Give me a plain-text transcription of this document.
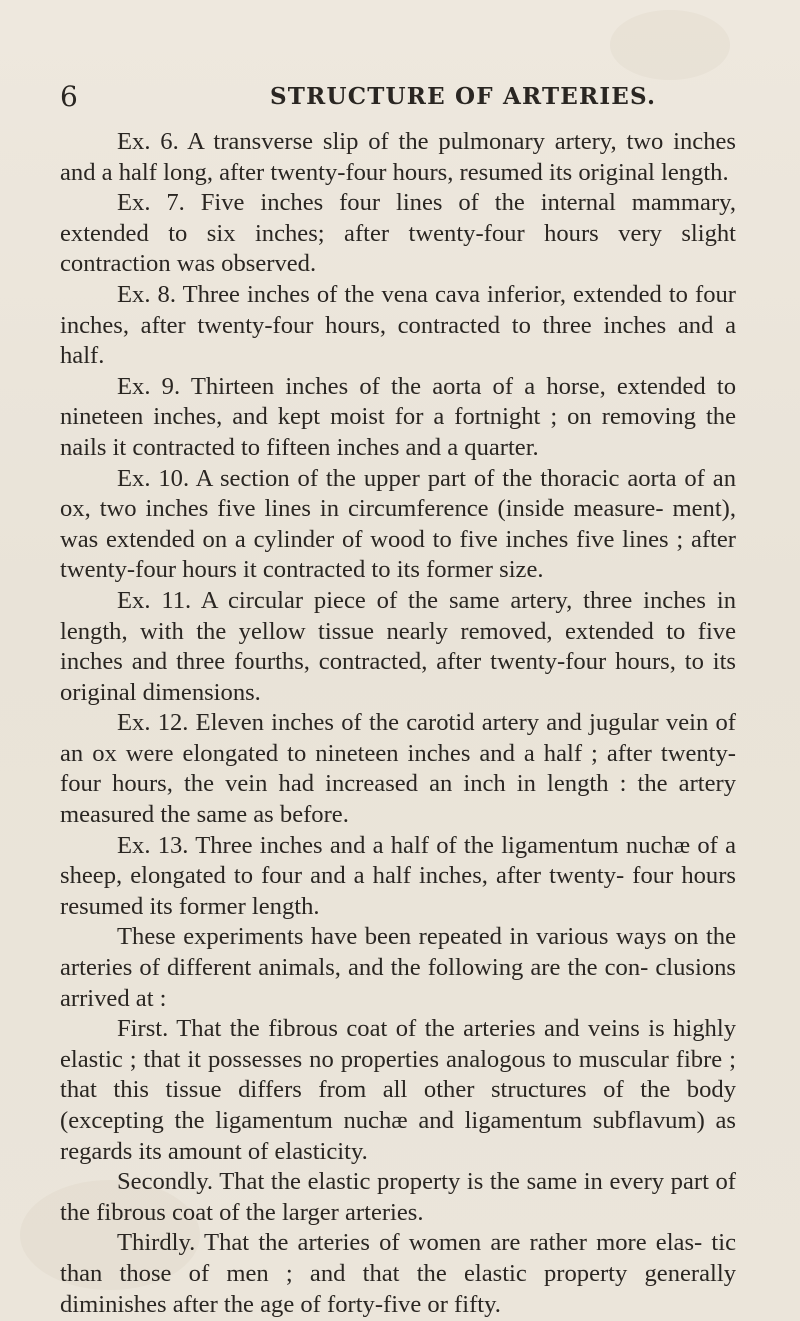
6	STRUCTURE OF ARTERIES.

Ex. 6. A transverse slip of the pulmonary artery, two inches and a half long, after twenty-four hours, resumed its original length.

Ex. 7. Five inches four lines of the internal mammary, extended to six inches; after twenty-four hours very slight contraction was observed.

Ex. 8. Three inches of the vena cava inferior, extended to four inches, after twenty-four hours, contracted to three inches and a half.

Ex. 9. Thirteen inches of the aorta of a horse, extended to nineteen inches, and kept moist for a fortnight ; on removing the nails it contracted to fifteen inches and a quarter.

Ex. 10. A section of the upper part of the thoracic aorta of an ox, two inches five lines in circumference (inside measure- ment), was extended on a cylinder of wood to five inches five lines ; after twenty-four hours it contracted to its former size.

Ex. 11. A circular piece of the same artery, three inches in length, with the yellow tissue nearly removed, extended to five inches and three fourths, contracted, after twenty-four hours, to its original dimensions.

Ex. 12. Eleven inches of the carotid artery and jugular vein of an ox were elongated to nineteen inches and a half ; after twenty-four hours, the vein had increased an inch in length : the artery measured the same as before.

Ex. 13. Three inches and a half of the ligamentum nuchæ of a sheep, elongated to four and a half inches, after twenty- four hours resumed its former length.

These experiments have been repeated in various ways on the arteries of different animals, and the following are the con- clusions arrived at :

First. That the fibrous coat of the arteries and veins is highly elastic ; that it possesses no properties analogous to muscular fibre ; that this tissue differs from all other structures of the body (excepting the ligamentum nuchæ and ligamentum subflavum) as regards its amount of elasticity.

Secondly. That the elastic property is the same in every part of the fibrous coat of the larger arteries.

Thirdly. That the arteries of women are rather more elas- tic than those of men ; and that the elastic property generally diminishes after the age of forty-five or fifty.
